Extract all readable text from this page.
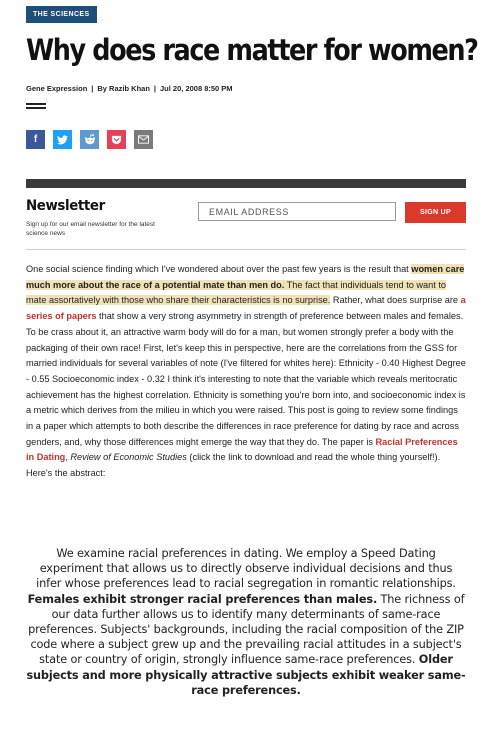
THE SCIENCES
Why does race matter for women?
Gene Expression | By Razib Khan | Jul 20, 2008 8:50 PM
f
Newsletter
Sign up for our email newsletter for the latest science news
EMAIL ADDRESS
SIGN UP

One social science finding which I've wondered about over the past few years is the result that women care much more about the race of a potential mate than men do. The fact that individuals tend to want to mate assortatively with those who share their characteristics is no surprise. Rather, what does surprise are a series of papers that show a very strong asymmetry in strength of preference between males and females. To be crass about it, an attractive warm body will do for a man, but women strongly prefer a body with the packaging of their own race! First, let's keep this in perspective, here are the correlations from the GSS for married individuals for several variables of note (I've filtered for whites here): Ethnicity - 0.40 Highest Degree - 0.55 Socioeconomic index - 0.32 I think it's interesting to note that the variable which reveals meritocratic achievement has the highest correlation. Ethnicity is something you're born into, and socioeconomic index is a metric which derives from the milieu in which you were raised. This post is going to review some findings in a paper which attempts to both describe the differences in race preference for dating by race and across genders, and, why those differences might emerge the way that they do. The paper is Racial Preferences in Dating, Review of Economic Studies (click the link to download and read the whole thing yourself!). Here's the abstract:

We examine racial preferences in dating. We employ a Speed Dating experiment that allows us to directly observe individual decisions and thus infer whose preferences lead to racial segregation in romantic relationships. Females exhibit stronger racial preferences than males. The richness of our data further allows us to identify many determinants of same-race preferences. Subjects' backgrounds, including the racial composition of the ZIP code where a subject grew up and the prevailing racial attitudes in a subject's state or country of origin, strongly influence same-race preferences. Older subjects and more physically attractive subjects exhibit weaker same-race preferences.
